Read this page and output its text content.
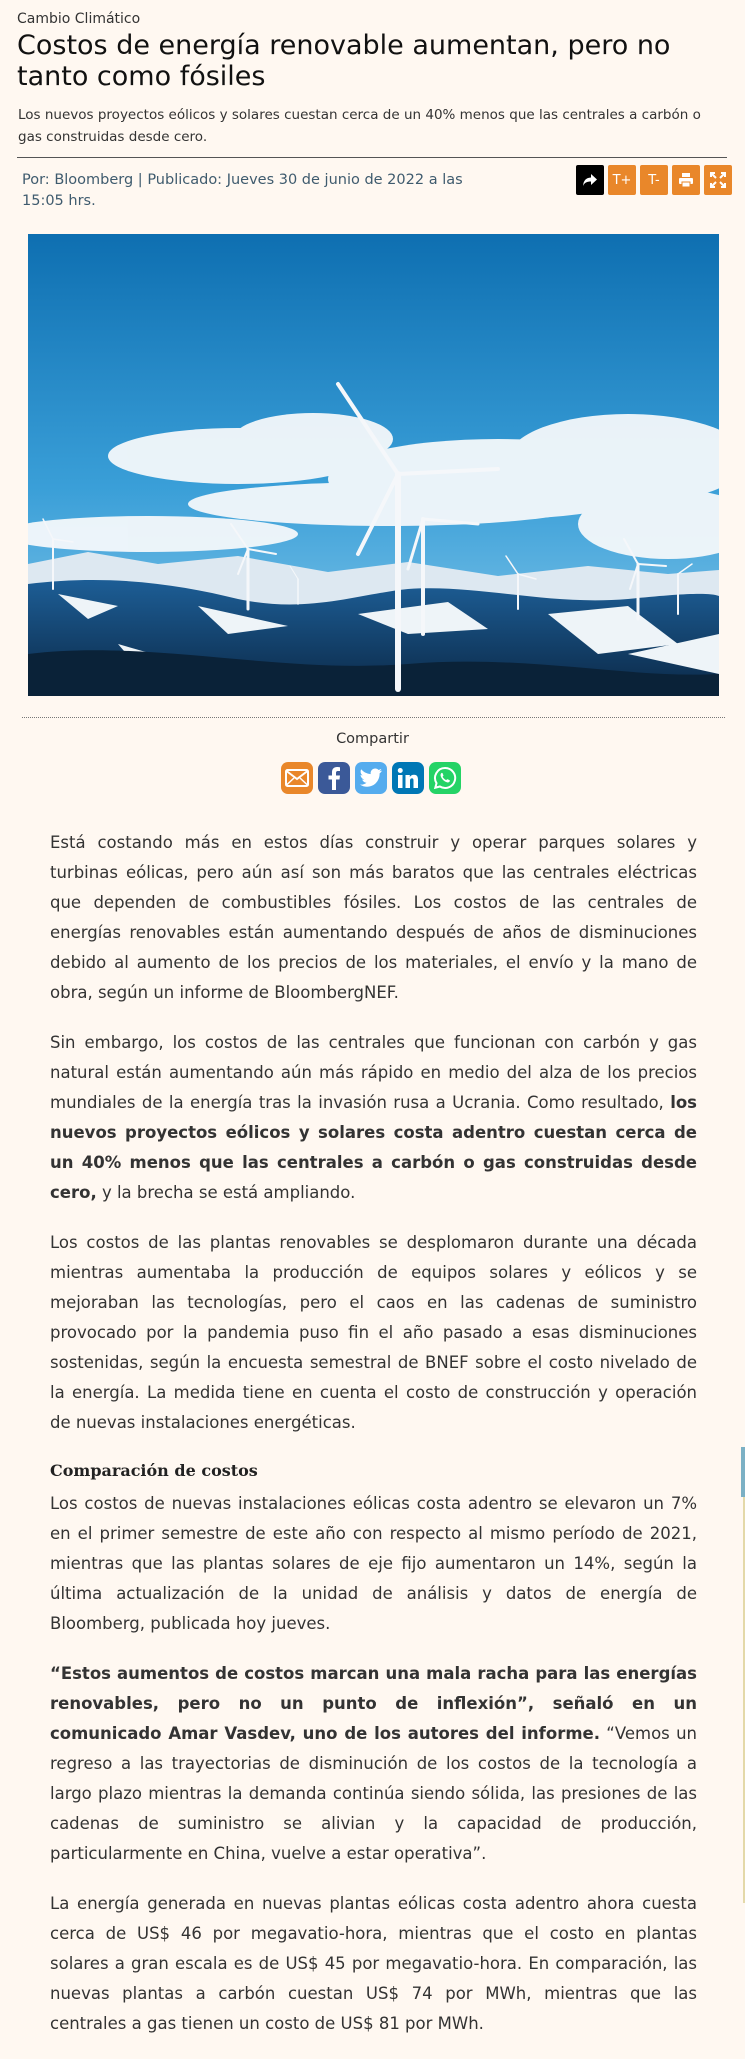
Cambio Climático
Costos de energía renovable aumentan, pero no tanto como fósiles
Los nuevos proyectos eólicos y solares cuestan cerca de un 40% menos que las centrales a carbón o gas construidas desde cero.
Por: Bloomberg | Publicado: Jueves 30 de junio de 2022 a las 15:05 hrs.
T+	T-
Compartir

Está costando más en estos días construir y operar parques solares y turbinas eólicas, pero aún así son más baratos que las centrales eléctricas que dependen de combustibles fósiles. Los costos de las centrales de energías renovables están aumentando después de años de disminuciones debido al aumento de los precios de los materiales, el envío y la mano de obra, según un informe de BloombergNEF.

Sin embargo, los costos de las centrales que funcionan con carbón y gas natural están aumentando aún más rápido en medio del alza de los precios mundiales de la energía tras la invasión rusa a Ucrania. Como resultado, los nuevos proyectos eólicos y solares costa adentro cuestan cerca de un 40% menos que las centrales a carbón o gas construidas desde cero, y la brecha se está ampliando.

Los costos de las plantas renovables se desplomaron durante una década mientras aumentaba la producción de equipos solares y eólicos y se mejoraban las tecnologías, pero el caos en las cadenas de suministro provocado por la pandemia puso fin el año pasado a esas disminuciones sostenidas, según la encuesta semestral de BNEF sobre el costo nivelado de la energía. La medida tiene en cuenta el costo de construcción y operación de nuevas instalaciones energéticas.

Comparación de costos

Los costos de nuevas instalaciones eólicas costa adentro se elevaron un 7% en el primer semestre de este año con respecto al mismo período de 2021, mientras que las plantas solares de eje fijo aumentaron un 14%, según la última actualización de la unidad de análisis y datos de energía de Bloomberg, publicada hoy jueves.

“Estos aumentos de costos marcan una mala racha para las energías renovables, pero no un punto de inflexión”, señaló en un comunicado Amar Vasdev, uno de los autores del informe. “Vemos un regreso a las trayectorias de disminución de los costos de la tecnología a largo plazo mientras la demanda continúa siendo sólida, las presiones de las cadenas de suministro se alivian y la capacidad de producción, particularmente en China, vuelve a estar operativa”.

La energía generada en nuevas plantas eólicas costa adentro ahora cuesta cerca de US$ 46 por megavatio-hora, mientras que el costo en plantas solares a gran escala es de US$ 45 por megavatio-hora. En comparación, las nuevas plantas a carbón cuestan US$ 74 por MWh, mientras que las centrales a gas tienen un costo de US$ 81 por MWh.
